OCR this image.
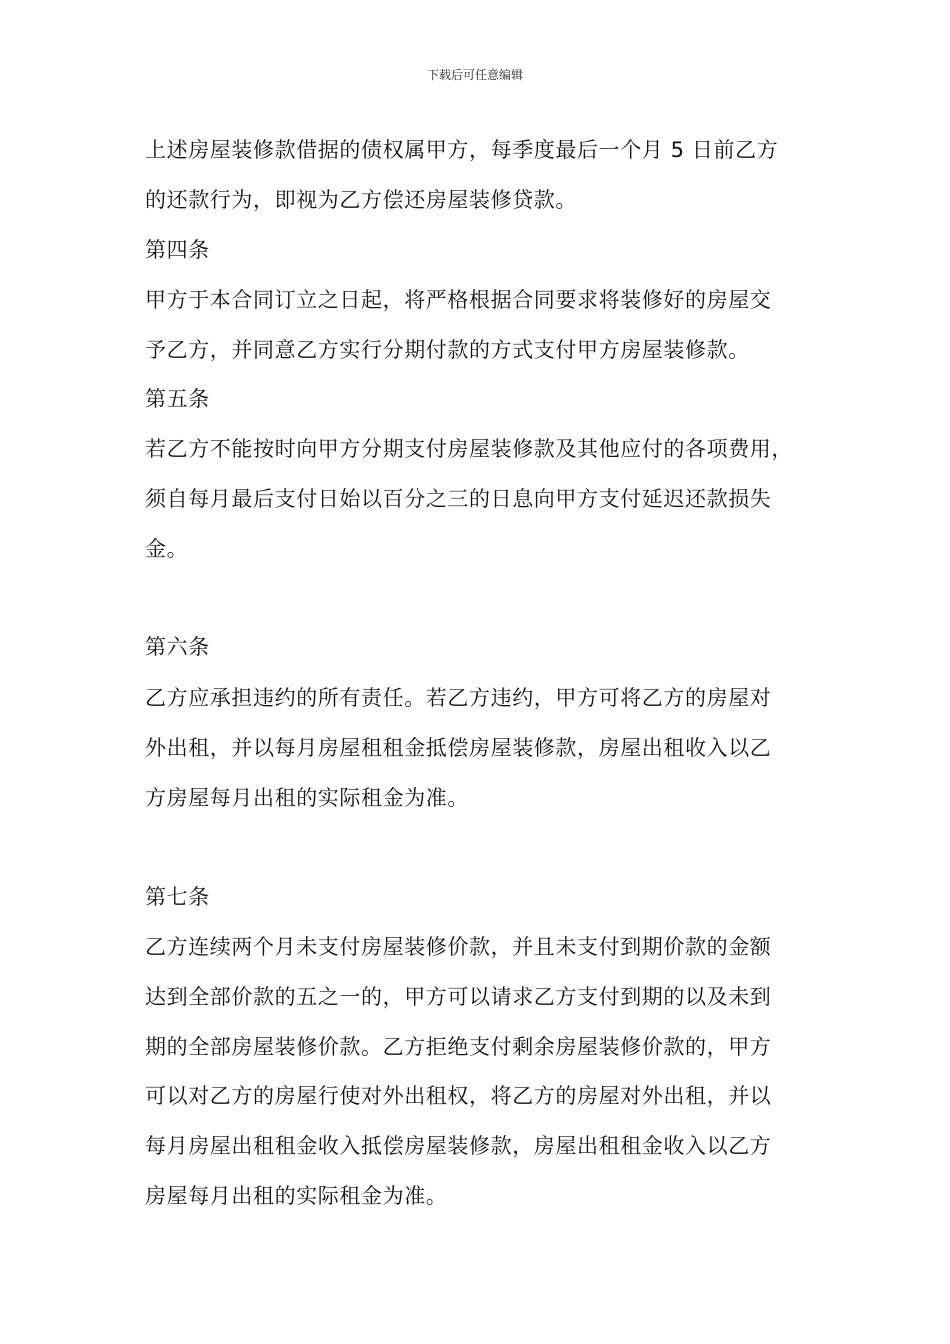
下载后可任意编辑
上述房屋装修款借据的债权属甲方，每季度最后一个月 5 日前乙方
的还款行为，即视为乙方偿还房屋装修贷款。
第四条
甲方于本合同订立之日起，将严格根据合同要求将装修好的房屋交
予乙方，并同意乙方实行分期付款的方式支付甲方房屋装修款。
第五条
若乙方不能按时向甲方分期支付房屋装修款及其他应付的各项费用，
须自每月最后支付日始以百分之三的日息向甲方支付延迟还款损失
金。
第六条
乙方应承担违约的所有责任。若乙方违约，甲方可将乙方的房屋对
外出租，并以每月房屋租租金抵偿房屋装修款，房屋出租收入以乙
方房屋每月出租的实际租金为准。
第七条
乙方连续两个月未支付房屋装修价款，并且未支付到期价款的金额
达到全部价款的五之一的，甲方可以请求乙方支付到期的以及未到
期的全部房屋装修价款。乙方拒绝支付剩余房屋装修价款的，甲方
可以对乙方的房屋行使对外出租权，将乙方的房屋对外出租，并以
每月房屋出租租金收入抵偿房屋装修款，房屋出租租金收入以乙方
房屋每月出租的实际租金为准。
